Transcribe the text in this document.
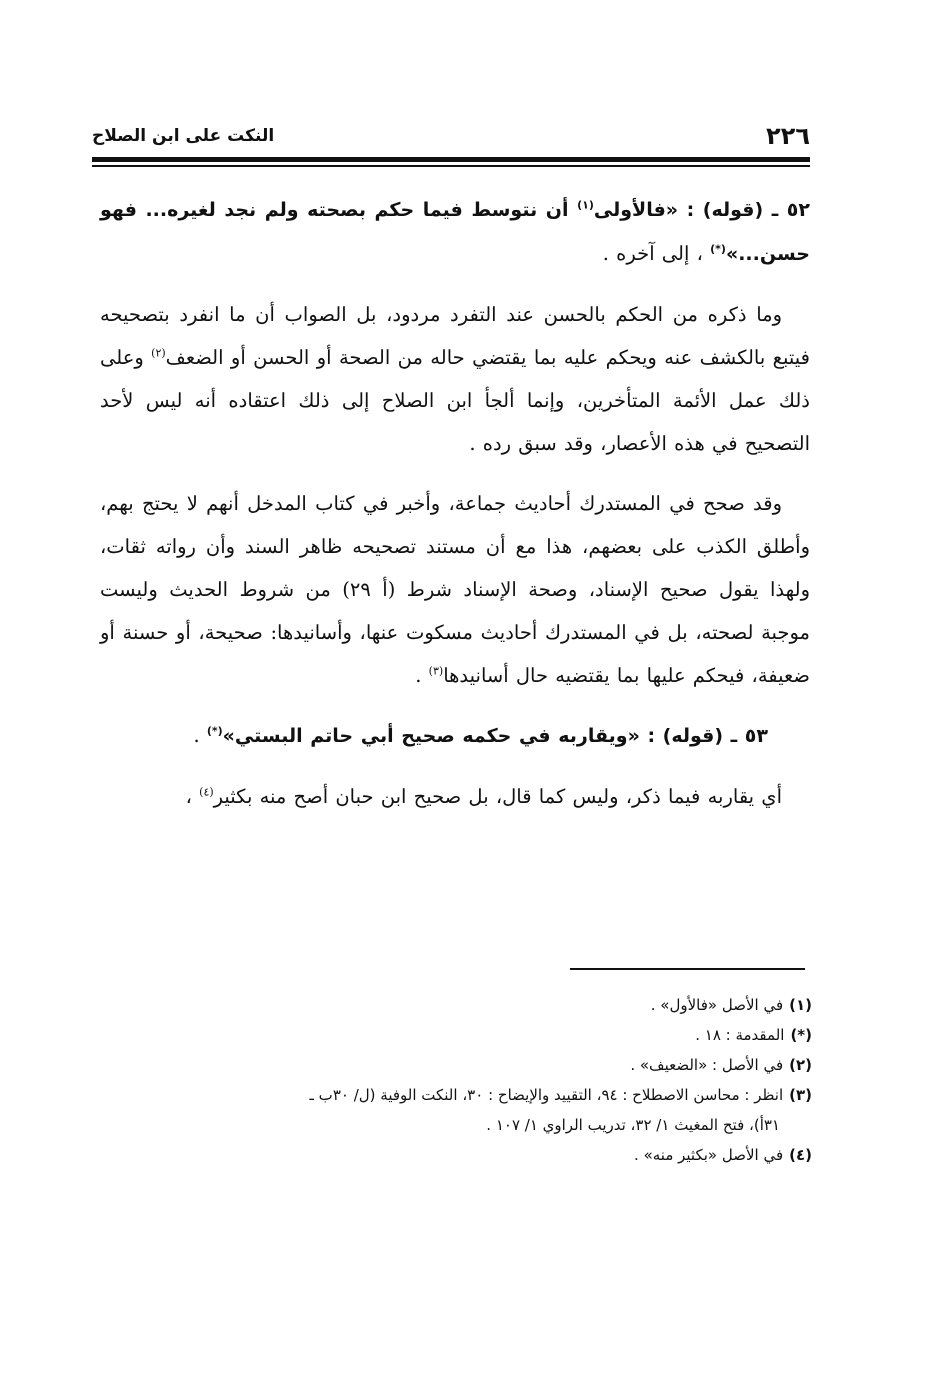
٢٢٦
النكت على ابن الصلاح

٥٢ ـ (قوله) : «فالأولى$^{(١)}$ أن نتوسط فيما حكم بصحته ولم نجد لغيره... فهو حسن...»(*) ، إلى آخره .

وما ذكره من الحكم بالحسن عند التفرد مردود، بل الصواب أن ما انفرد بتصحيحه فيتبع بالكشف عنه ويحكم عليه بما يقتضي حاله من الصحة أو الحسن أو الضعف$^{(٢)}$ وعلى ذلك عمل الأئمة المتأخرين، وإنما ألجأ ابن الصلاح إلى ذلك اعتقاده أنه ليس لأحد التصحيح في هذه الأعصار، وقد سبق رده .

وقد صحح في المستدرك أحاديث جماعة، وأخبر في كتاب المدخل أنهم لا يحتج بهم، وأطلق الكذب على بعضهم، هذا مع أن مستند تصحيحه ظاهر السند وأن رواته ثقات، ولهذا يقول صحيح الإسناد، وصحة الإسناد شرط (أ ٢٩) من شروط الحديث وليست موجبة لصحته، بل في المستدرك أحاديث مسكوت عنها، وأسانيدها: صحيحة، أو حسنة أو ضعيفة، فيحكم عليها بما يقتضيه حال أسانيدها$^{(٣)}$ .

٥٣ ـ (قوله) : «ويقاربه في حكمه صحيح أبي حاتم البستي»(*) .

أي يقاربه فيما ذكر، وليس كما قال، بل صحيح ابن حبان أصح منه بكثير$^{(٤)}$ ،

(١)في الأصل «فالأول» .

(*)المقدمة : ١٨ .

(٢)في الأصل : «الضعيف» .

(٣)انظر : محاسن الاصطلاح : ٩٤، التقييد والإيضاح : ٣٠، النكت الوفية (ل/ ٣٠ب ـ

٣١أ)، فتح المغيث ١/ ٣٢، تدريب الراوي ١/ ١٠٧ .

(٤)في الأصل «بكثير منه» .
